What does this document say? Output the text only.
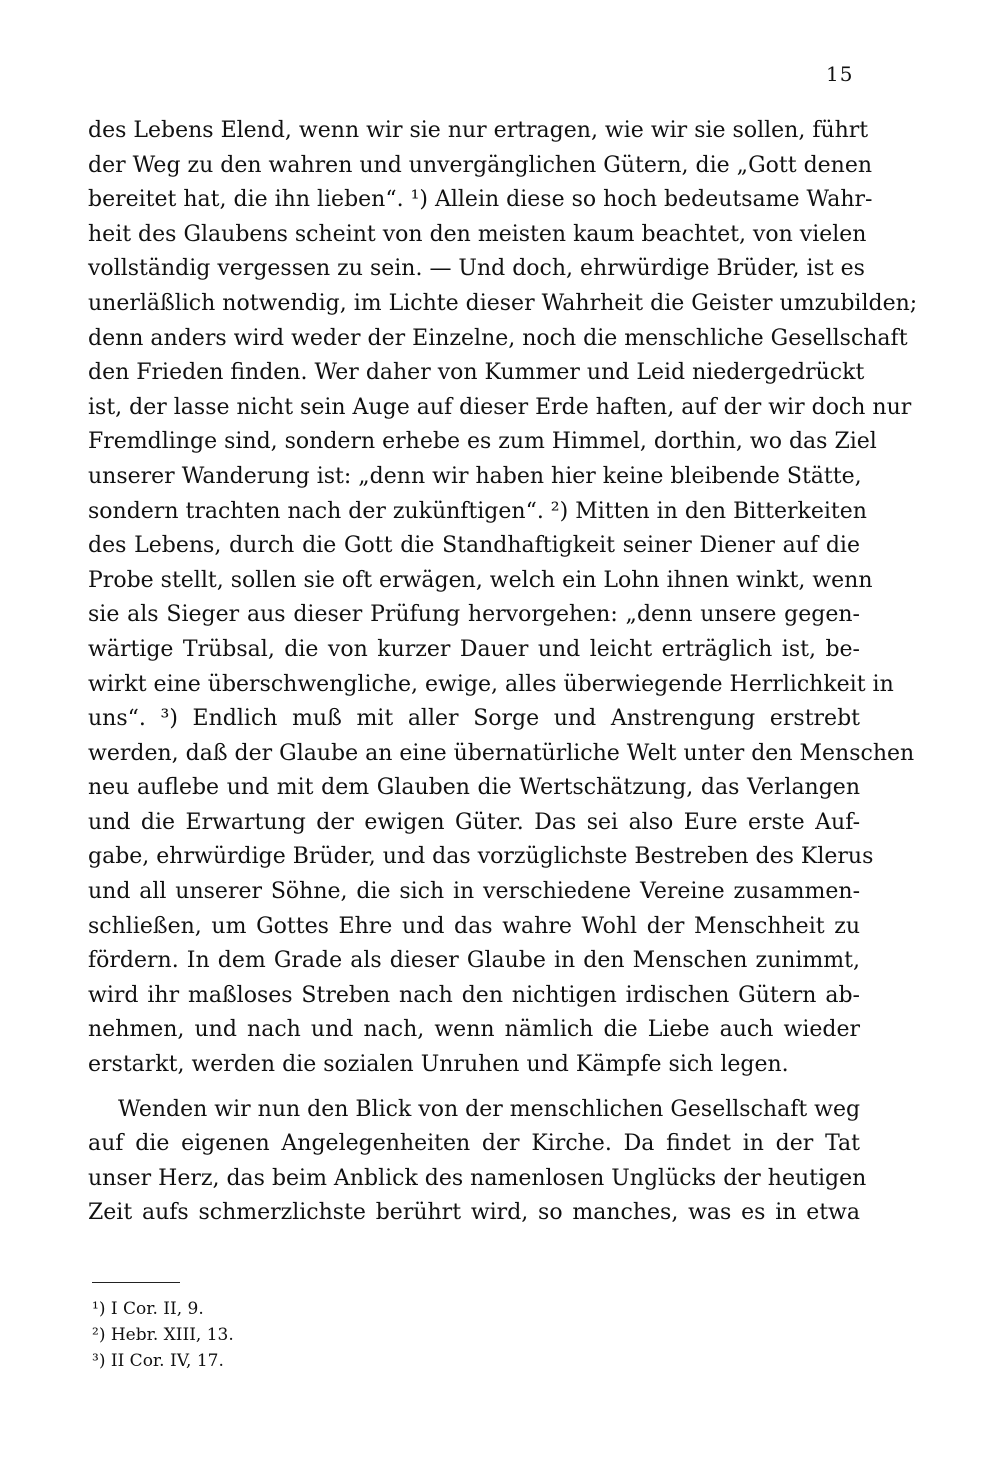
15
des Lebens Elend, wenn wir sie nur ertragen, wie wir sie sollen, führt
der Weg zu den wahren und unvergänglichen Gütern, die „Gott denen
bereitet hat, die ihn lieben“. ¹) Allein diese so hoch bedeutsame Wahr-
heit des Glaubens scheint von den meisten kaum beachtet, von vielen
vollständig vergessen zu sein. — Und doch, ehrwürdige Brüder, ist es
unerläßlich notwendig, im Lichte dieser Wahrheit die Geister umzubilden;
denn anders wird weder der Einzelne, noch die menschliche Gesellschaft
den Frieden finden. Wer daher von Kummer und Leid niedergedrückt
ist, der lasse nicht sein Auge auf dieser Erde haften, auf der wir doch nur
Fremdlinge sind, sondern erhebe es zum Himmel, dorthin, wo das Ziel
unserer Wanderung ist: „denn wir haben hier keine bleibende Stätte,
sondern trachten nach der zukünftigen“. ²) Mitten in den Bitterkeiten
des Lebens, durch die Gott die Standhaftigkeit seiner Diener auf die
Probe stellt, sollen sie oft erwägen, welch ein Lohn ihnen winkt, wenn
sie als Sieger aus dieser Prüfung hervorgehen: „denn unsere gegen-
wärtige Trübsal, die von kurzer Dauer und leicht erträglich ist, be-
wirkt eine überschwengliche, ewige, alles überwiegende Herrlichkeit in
uns“. ³) Endlich muß mit aller Sorge und Anstrengung erstrebt
werden, daß der Glaube an eine übernatürliche Welt unter den Menschen
neu auflebe und mit dem Glauben die Wertschätzung, das Verlangen
und die Erwartung der ewigen Güter. Das sei also Eure erste Auf-
gabe, ehrwürdige Brüder, und das vorzüglichste Bestreben des Klerus
und all unserer Söhne, die sich in verschiedene Vereine zusammen-
schließen, um Gottes Ehre und das wahre Wohl der Menschheit zu
fördern. In dem Grade als dieser Glaube in den Menschen zunimmt,
wird ihr maßloses Streben nach den nichtigen irdischen Gütern ab-
nehmen, und nach und nach, wenn nämlich die Liebe auch wieder
erstarkt, werden die sozialen Unruhen und Kämpfe sich legen.
Wenden wir nun den Blick von der menschlichen Gesellschaft weg
auf die eigenen Angelegenheiten der Kirche. Da findet in der Tat
unser Herz, das beim Anblick des namenlosen Unglücks der heutigen
Zeit aufs schmerzlichste berührt wird, so manches, was es in etwa
¹) I Cor. II, 9.
²) Hebr. XIII, 13.
³) II Cor. IV, 17.
